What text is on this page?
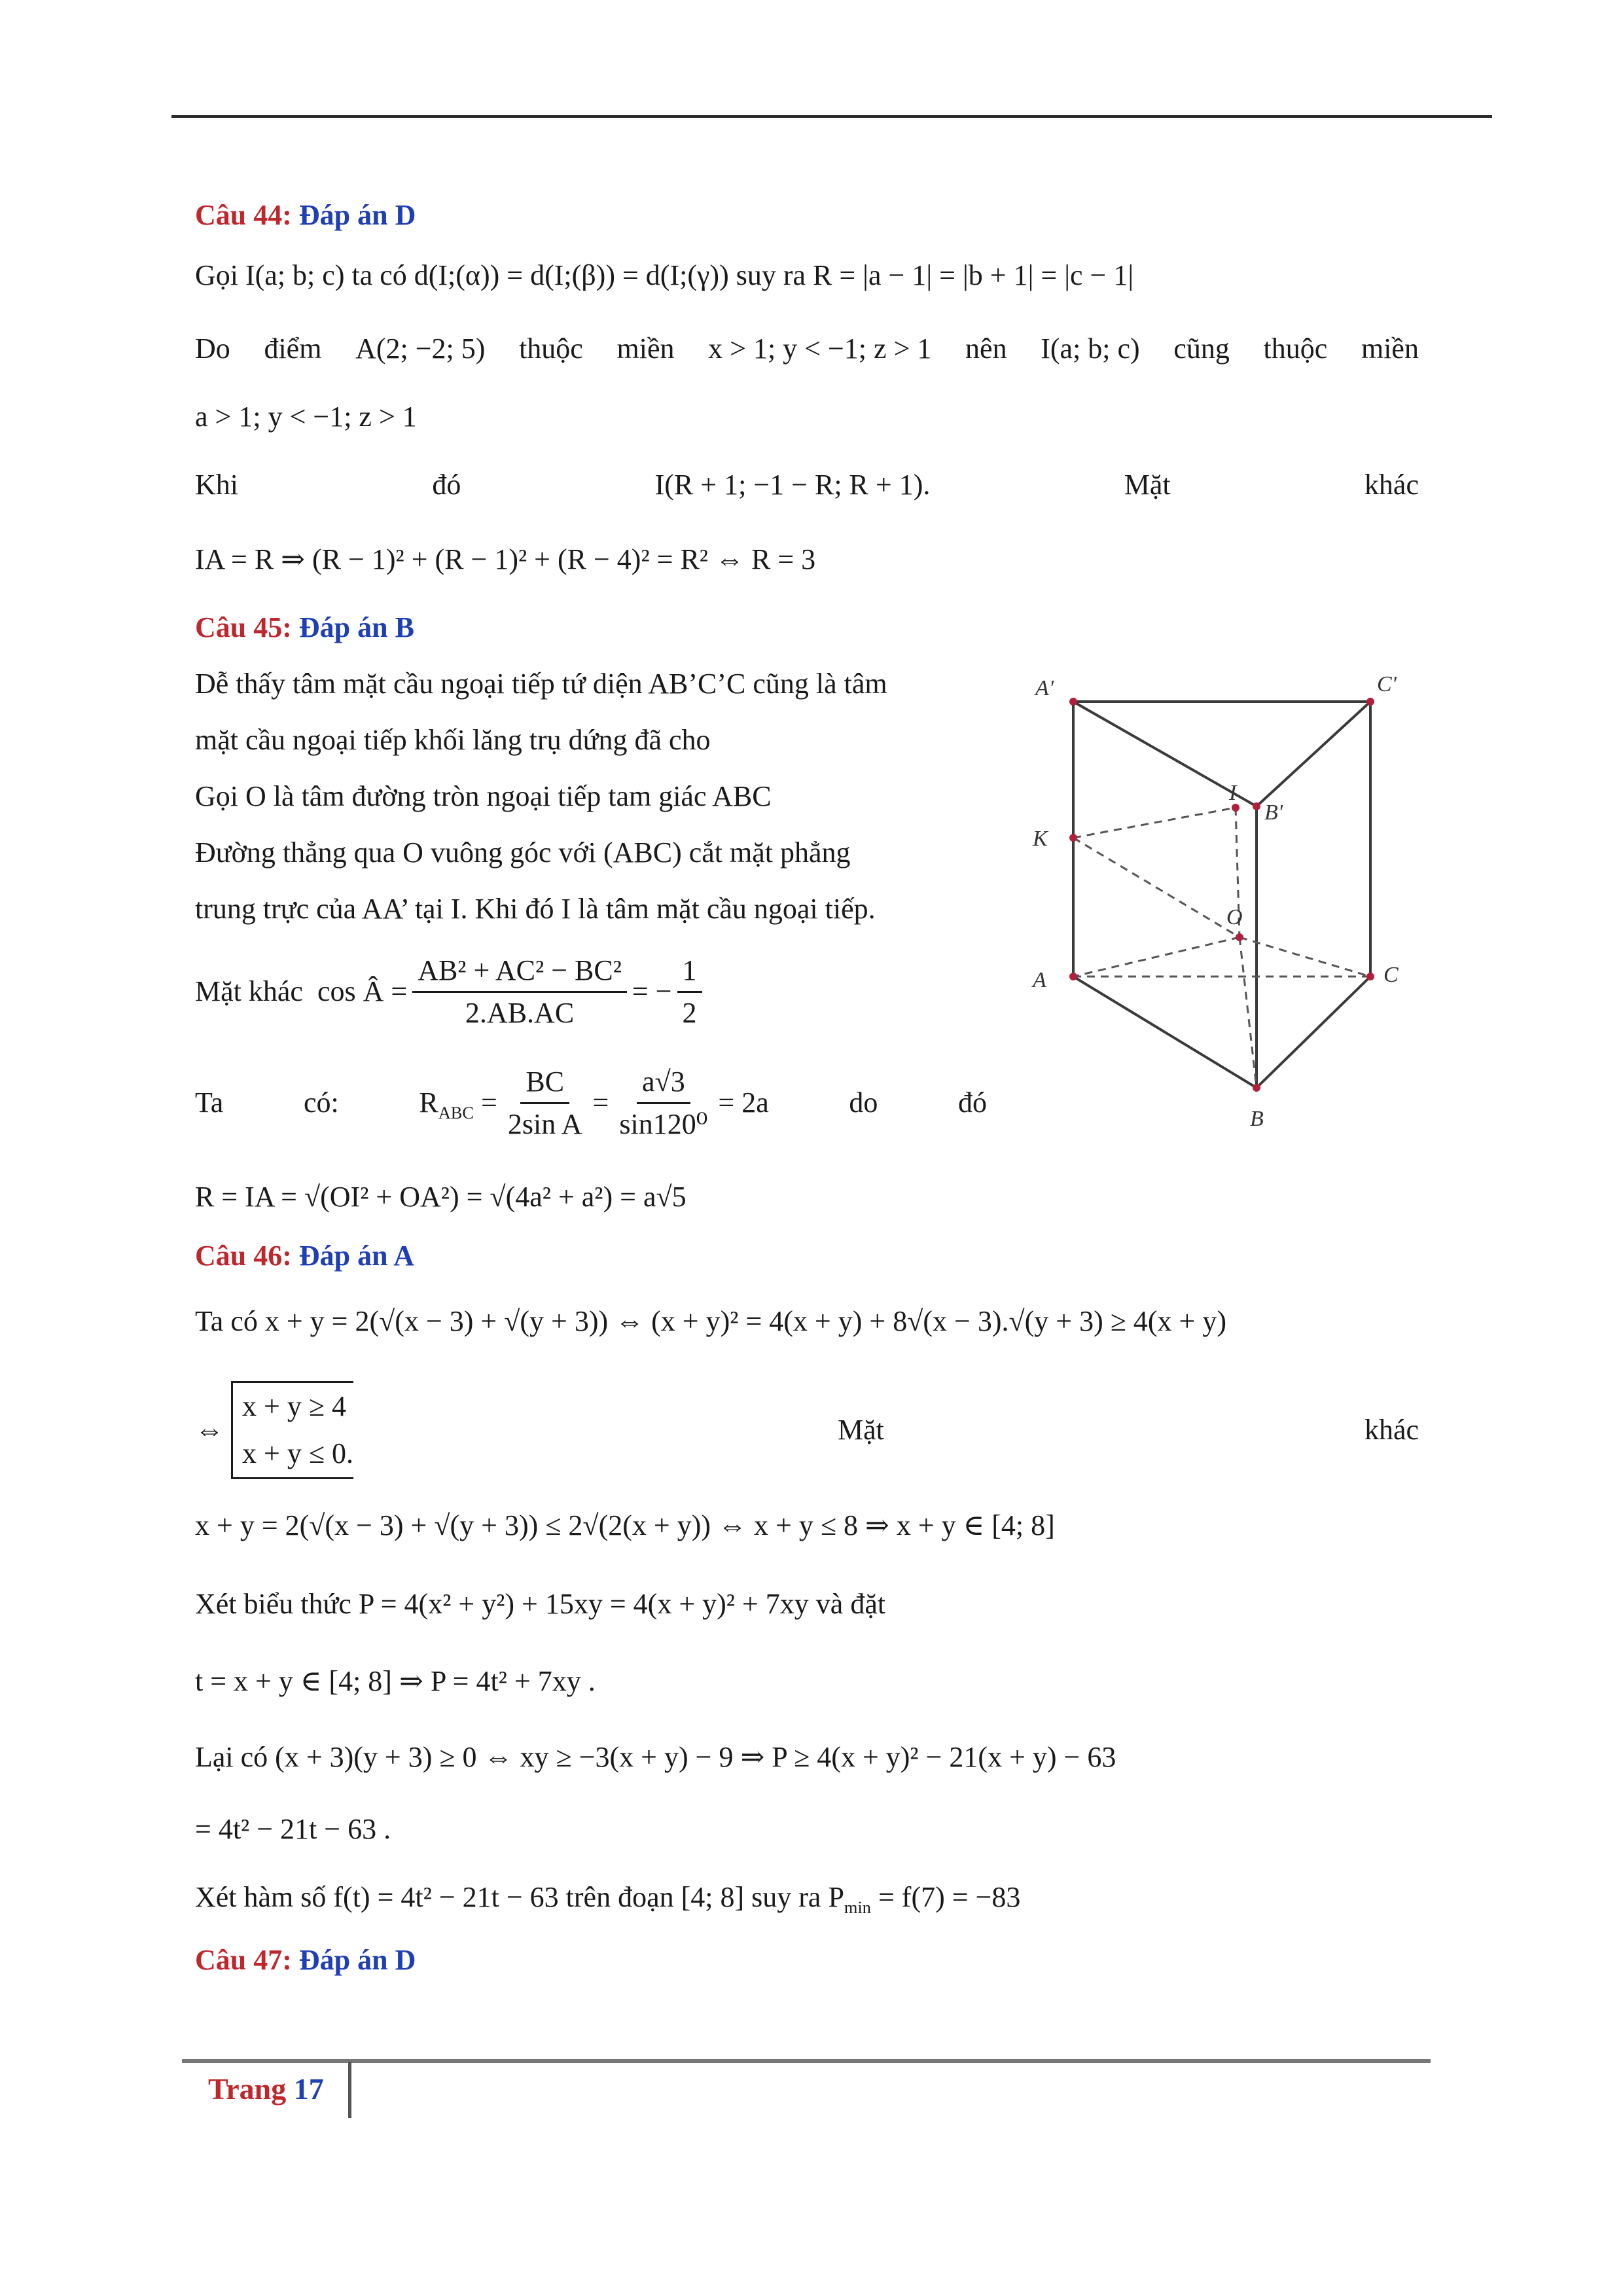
Câu 44: Đáp án D
Gọi I(a; b; c) ta có d(I;(α)) = d(I;(β)) = d(I;(γ)) suy ra R = |a − 1| = |b + 1| = |c − 1|
Do điểm A(2; −2; 5) thuộc miền x > 1; y < −1; z > 1 nên I(a; b; c) cũng thuộc miền
a > 1; y < −1; z > 1
Khi	đó	I(R + 1; −1 − R; R + 1).	Mặt	khác
IA = R ⇒ (R − 1)² + (R − 1)² + (R − 4)² = R² ⇔ R = 3
Câu 45: Đáp án B
Dễ thấy tâm mặt cầu ngoại tiếp tứ diện AB’C’C cũng là tâm
mặt cầu ngoại tiếp khối lăng trụ dứng đã cho
Gọi O là tâm đường tròn ngoại tiếp tam giác ABC
Đường thẳng qua O vuông góc với (ABC) cắt mặt phẳng
trung trực của AA’ tại I. Khi đó I là tâm mặt cầu ngoại tiếp.
Mặt khác
cos Â = $\frac{\text{AB² + AC² − BC²}}{2.AB.AC}$ = − $\frac{1}{2}$
Ta	có:	$R_{ABC} = \frac{BC}{\text{2sin A}} = \frac{a√3}{\text{sin120⁰}} = 2a$	do	đó
R = IA = √(OI² + OA²) = √(4a² + a²) = a√5
A'	C'
I
B'
K
O
A	C
B
Câu 46: Đáp án A
Ta có x + y = 2(√(x − 3) + √(y + 3)) ⇔ (x + y)² = 4(x + y) + 8√(x − 3).√(y + 3) ≥ 4(x + y)
⇔

x + y ≥ 4
x + y ≤ 0.
Mặt	khác
x + y = 2(√(x − 3) + √(y + 3)) ≤ 2√(2(x + y)) ⇔ x + y ≤ 8 ⇒ x + y ∈ [4; 8]
Xét biểu thức P = 4(x² + y²) + 15xy = 4(x + y)² + 7xy và đặt
t = x + y ∈ [4; 8] ⇒ P = 4t² + 7xy .
Lại có (x + 3)(y + 3) ≥ 0 ⇔ xy ≥ −3(x + y) − 9 ⇒ P ≥ 4(x + y)² − 21(x + y) − 63
= 4t² − 21t − 63 .
Xét hàm số f(t) = 4t² − 21t − 63 trên đoạn [4; 8] suy ra $P_{min} = f(7) = -83$
Câu 47: Đáp án D
Trang 17
